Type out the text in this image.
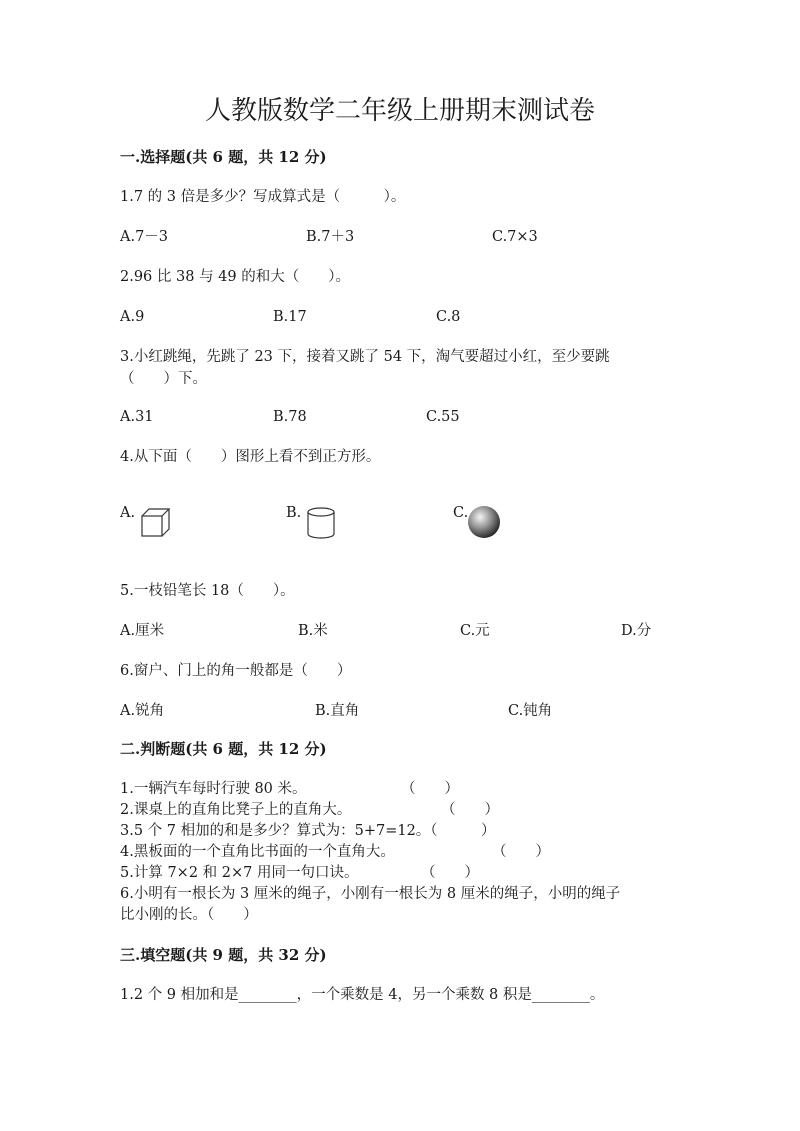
人教版数学二年级上册期末测试卷
一.选择题(共 6 题，共 12 分)
1.7 的 3 倍是多少？写成算式是（　　　）。
A.7－3	B.7＋3	C.7×3
2.96 比 38 与 49 的和大（　　）。
A.9	B.17	C.8
3.小红跳绳，先跳了 23 下，接着又跳了 54 下，淘气要超过小红，至少要跳
（　　）下。
A.31	B.78	C.55
4.从下面（　　）图形上看不到正方形。
A.	B.	C.
5.一枝铅笔长 18（　　）。
A.厘米	B.米	C.元	D.分
6.窗户、门上的角一般都是（　　）
A.锐角	B.直角	C.钝角
二.判断题(共 6 题，共 12 分)
1.一辆汽车每时行驶 80 米。	（　　）
2.课桌上的直角比凳子上的直角大。	（　　）
3.5 个 7 相加的和是多少？算式为：5+7=12。（　　　）
4.黑板面的一个直角比书面的一个直角大。	（　　）
5.计算 7×2 和 2×7 用同一句口诀。	（　　）
6.小明有一根长为 3 厘米的绳子，小刚有一根长为 8 厘米的绳子，小明的绳子
比小刚的长。（　　）
三.填空题(共 9 题，共 32 分)
1.2 个 9 相加和是________，一个乘数是 4，另一个乘数 8 积是________。
